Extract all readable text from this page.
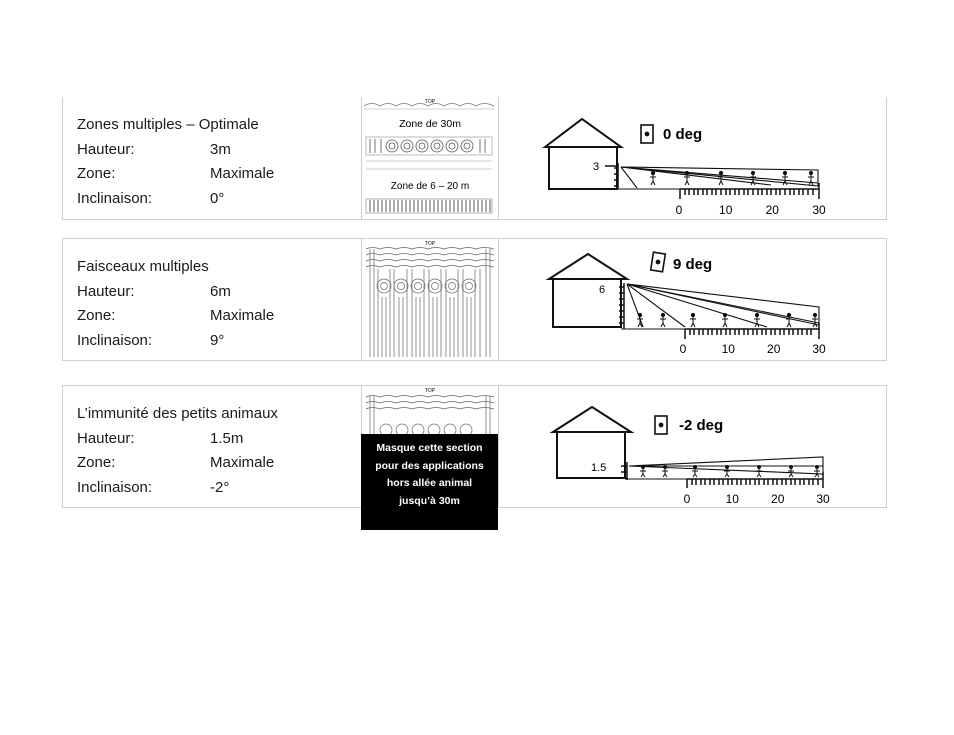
Zones multiples – Optimale
Hauteur:	3m
Zone:	Maximale
Inclinaison:	0°
TOP
Zone de 30m
Zone de 6 – 20 m
0 deg
3
0	10	20	30
Faisceaux multiples
Hauteur:	6m
Zone:	Maximale
Inclinaison:	9°
TOP
9 deg
6
0	10	20	30
L’immunité des petits animaux
Hauteur:	1.5m
Zone:	Maximale
Inclinaison:	-2°
TOP
-2 deg
1.5
0	10	20	30
Masque cette section pour des applications hors allée animal jusqu’à 30m
